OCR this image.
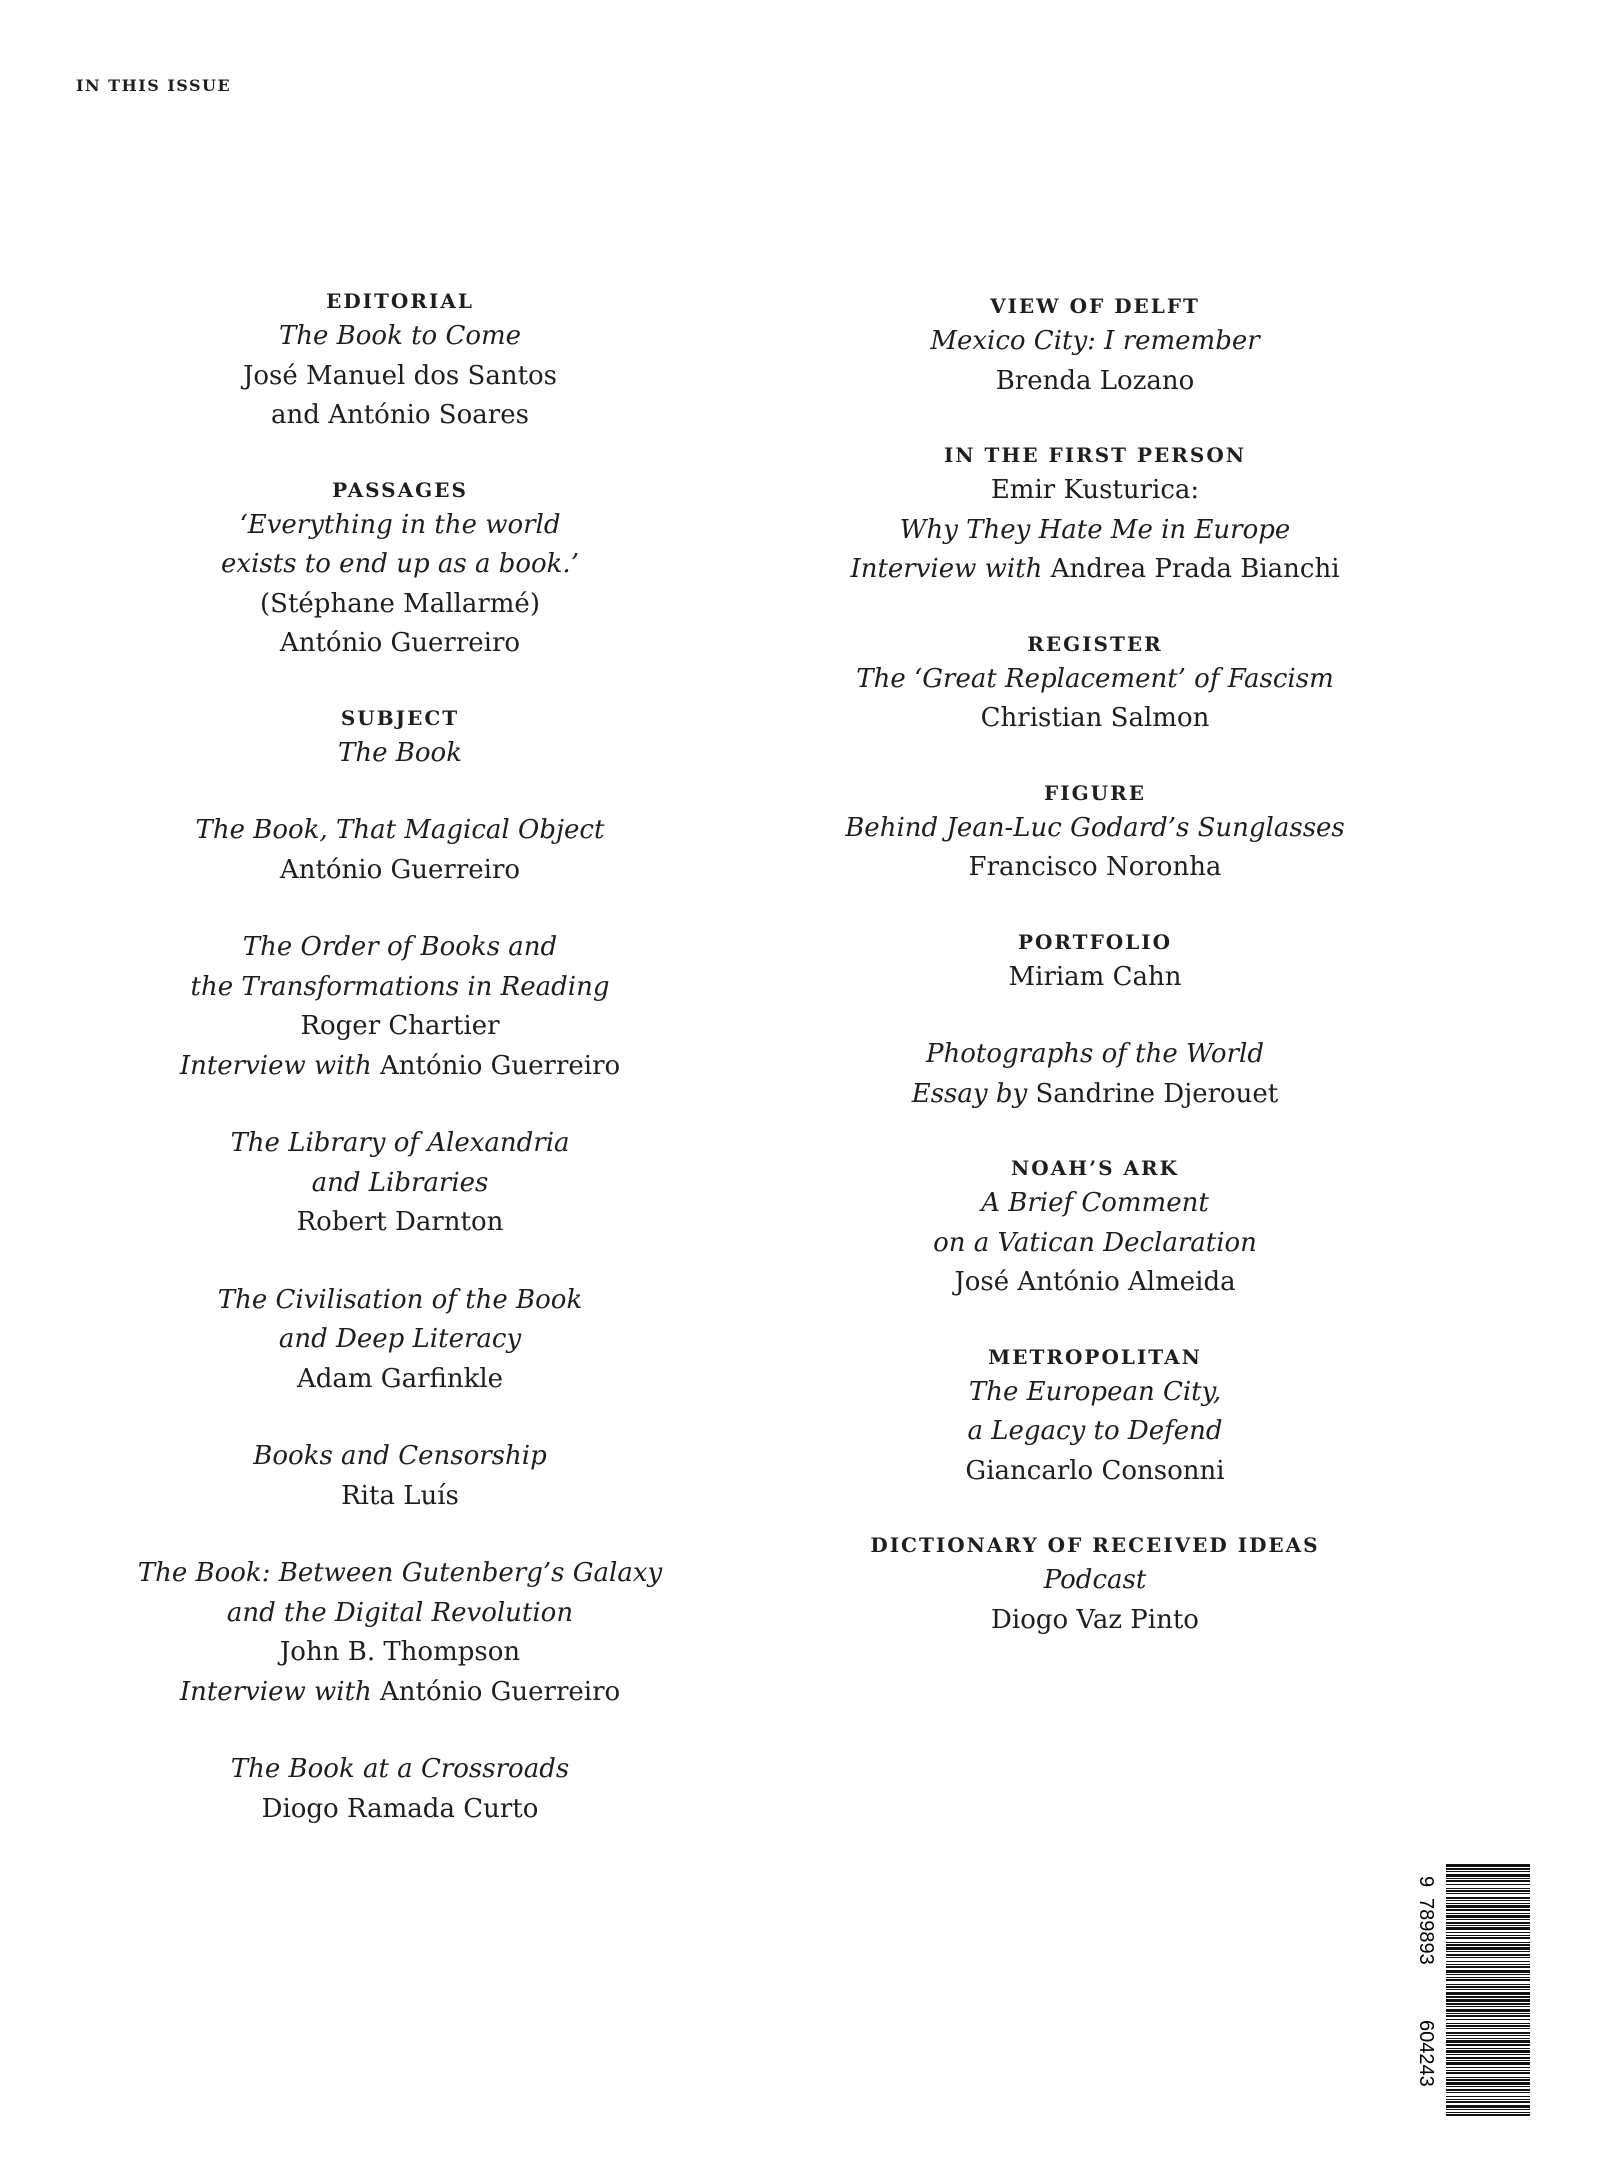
IN THIS ISSUE
EDITORIAL
The Book to Come
José Manuel dos Santos
and António Soares
PASSAGES
‘Everything in the world
exists to end up as a book.’
(Stéphane Mallarmé)
António Guerreiro
SUBJECT
The Book
The Book, That Magical Object
António Guerreiro
The Order of Books and
the Transformations in Reading
Roger Chartier
Interview with António Guerreiro
The Library of Alexandria
and Libraries
Robert Darnton
The Civilisation of the Book
and Deep Literacy
Adam Garfinkle
Books and Censorship
Rita Luís
The Book: Between Gutenberg’s Galaxy
and the Digital Revolution
John B. Thompson
Interview with António Guerreiro
The Book at a Crossroads
Diogo Ramada Curto
VIEW OF DELFT
Mexico City: I remember
Brenda Lozano
IN THE FIRST PERSON
Emir Kusturica:
Why They Hate Me in Europe
Interview with Andrea Prada Bianchi
REGISTER
The ‘Great Replacement’ of Fascism
Christian Salmon
FIGURE
Behind Jean-Luc Godard’s Sunglasses
Francisco Noronha
PORTFOLIO
Miriam Cahn
Photographs of the World
Essay by Sandrine Djerouet
NOAH’S ARK
A Brief Comment
on a Vatican Declaration
José António Almeida
METROPOLITAN
The European City,
a Legacy to Defend
Giancarlo Consonni
DICTIONARY OF RECEIVED IDEAS
Podcast
Diogo Vaz Pinto
9
789893
604243
